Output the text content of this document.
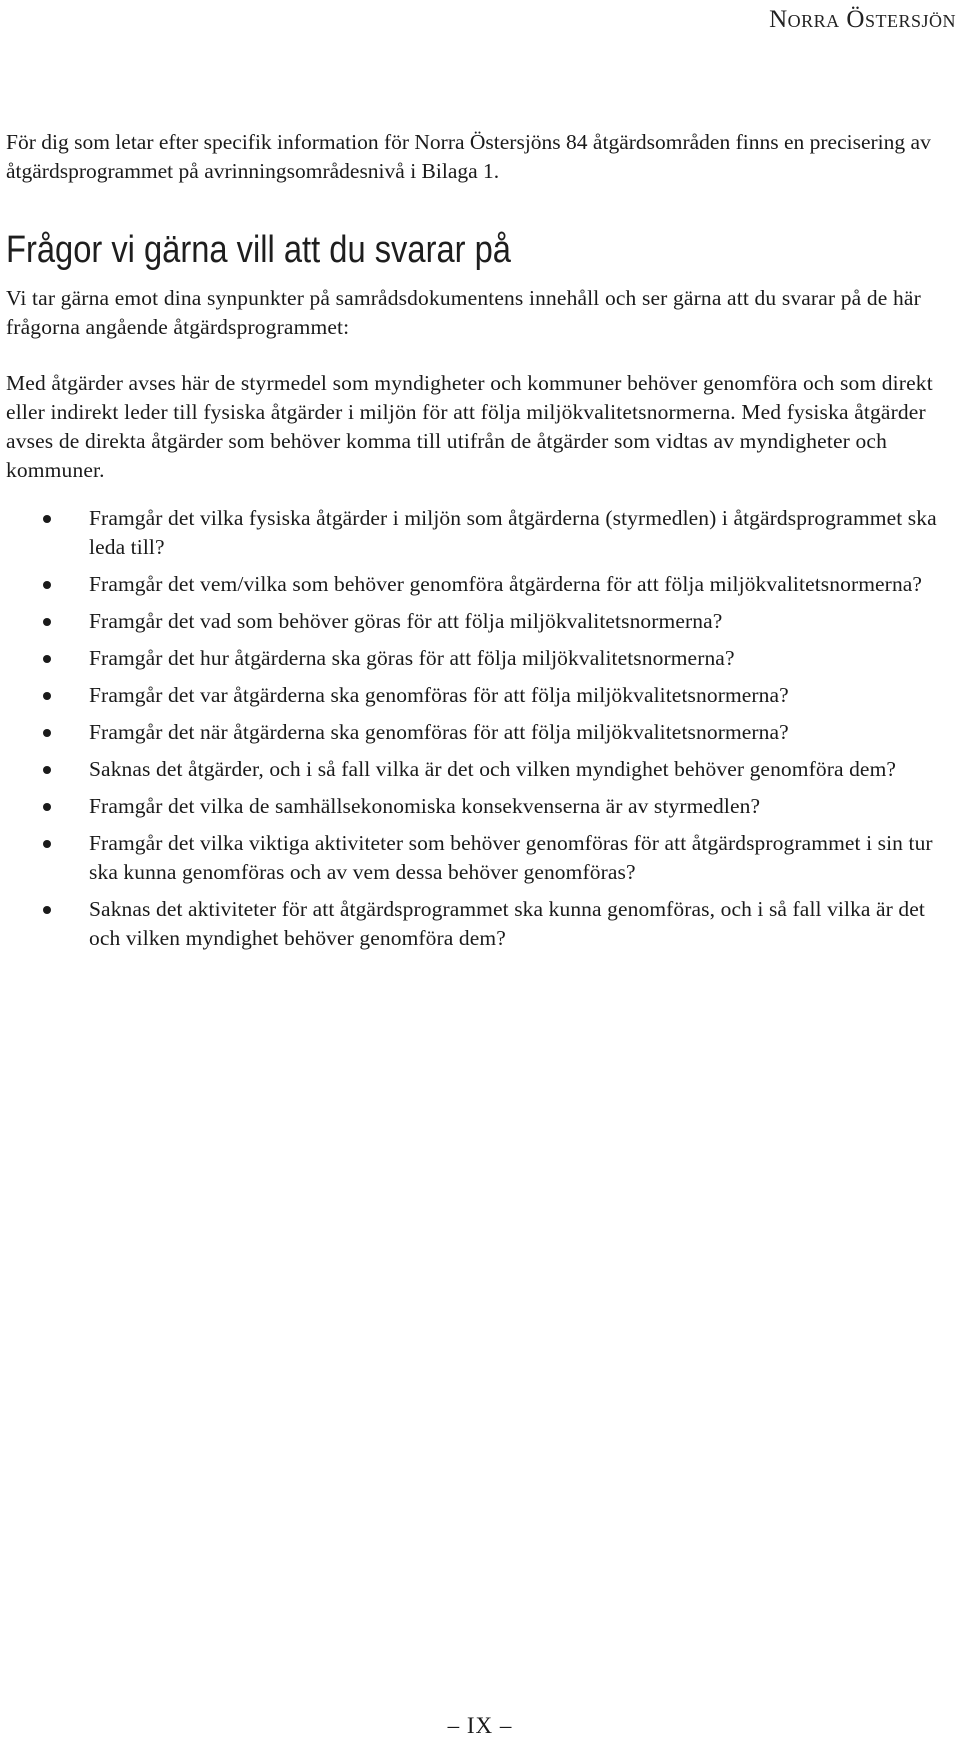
Norra Östersjön

För dig som letar efter specifik information för Norra Östersjöns 84 åtgärdsområden finns en precisering av åtgärdsprogrammet på avrinningsområdesnivå i Bilaga 1.

Frågor vi gärna vill att du svarar på

Vi tar gärna emot dina synpunkter på samrådsdokumentens innehåll och ser gärna att du svarar på de här frågorna angående åtgärdsprogrammet:

Med åtgärder avses här de styrmedel som myndigheter och kommuner behöver genomföra och som direkt eller indirekt leder till fysiska åtgärder i miljön för att följa miljökvalitetsnormerna. Med fysiska åtgärder avses de direkta åtgärder som behöver komma till utifrån de åtgärder som vidtas av myndigheter och kommuner.

Framgår det vilka fysiska åtgärder i miljön som åtgärderna (styrmedlen) i åtgärdsprogrammet ska leda till?
Framgår det vem/vilka som behöver genomföra åtgärderna för att följa miljökvalitetsnormerna?
Framgår det vad som behöver göras för att följa miljökvalitetsnormerna?
Framgår det hur åtgärderna ska göras för att följa miljökvalitetsnormerna?
Framgår det var åtgärderna ska genomföras för att följa miljökvalitetsnormerna?
Framgår det när åtgärderna ska genomföras för att följa miljökvalitetsnormerna?
Saknas det åtgärder, och i så fall vilka är det och vilken myndighet behöver genomföra dem?
Framgår det vilka de samhällsekonomiska konsekvenserna är av styrmedlen?
Framgår det vilka viktiga aktiviteter som behöver genomföras för att åtgärdsprogrammet i sin tur ska kunna genomföras och av vem dessa behöver genomföras?
Saknas det aktiviteter för att åtgärdsprogrammet ska kunna genomföras, och i så fall vilka är det och vilken myndighet behöver genomföra dem?
– IX –
